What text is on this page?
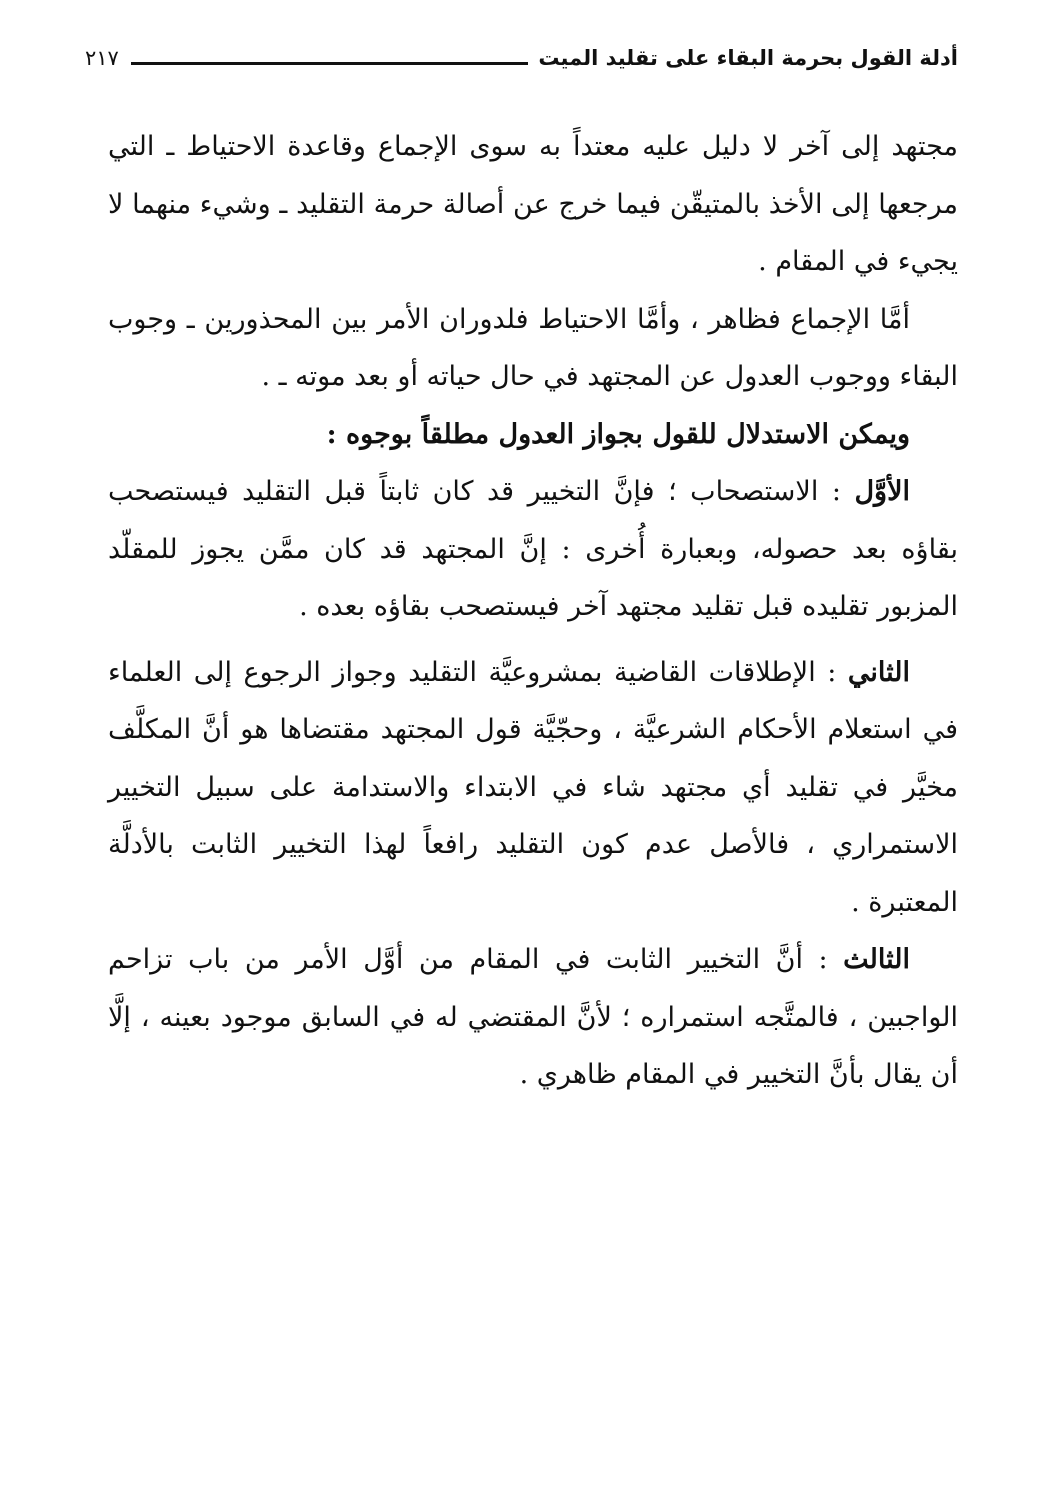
أدلة القول بحرمة البقاء على تقليد الميت
٢١٧

مجتهد إلى آخر لا دليل عليه معتداً به سوى الإجماع وقاعدة الاحتياط ـ التي مرجعها إلى الأخذ بالمتيقّن فيما خرج عن أصالة حرمة التقليد ـ وشيء منهما لا يجيء في المقام .

أمَّا الإجماع فظاهر ، وأمَّا الاحتياط فلدوران الأمر بين المحذورين ـ وجوب البقاء ووجوب العدول عن المجتهد في حال حياته أو بعد موته ـ .

ويمكن الاستدلال للقول بجواز العدول مطلقاً بوجوه :

الأوَّل : الاستصحاب ؛ فإنَّ التخيير قد كان ثابتاً قبل التقليد فيستصحب بقاؤه بعد حصوله، وبعبارة أُخرى : إنَّ المجتهد قد كان ممَّن يجوز للمقلّد المزبور تقليده قبل تقليد مجتهد آخر فيستصحب بقاؤه بعده .

الثاني : الإطلاقات القاضية بمشروعيَّة التقليد وجواز الرجوع إلى العلماء في استعلام الأحكام الشرعيَّة ، وحجّيَّة قول المجتهد مقتضاها هو أنَّ المكلَّف مخيَّر في تقليد أي مجتهد شاء في الابتداء والاستدامة على سبيل التخيير الاستمراري ، فالأصل عدم كون التقليد رافعاً لهذا التخيير الثابت بالأدلَّة المعتبرة .

الثالث : أنَّ التخيير الثابت في المقام من أوَّل الأمر من باب تزاحم الواجبين ، فالمتَّجه استمراره ؛ لأنَّ المقتضي له في السابق موجود بعينه ، إلَّا أن يقال بأنَّ التخيير في المقام ظاهري .
